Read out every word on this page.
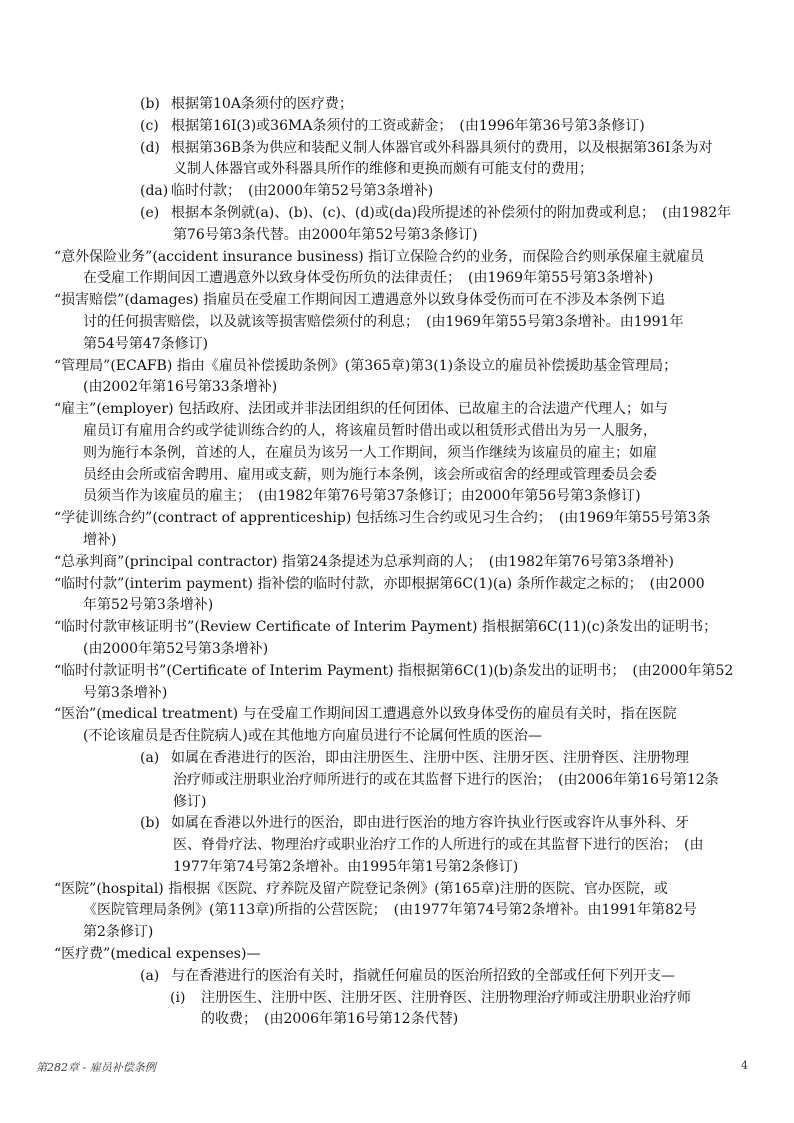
(b) 根据第10A条须付的医疗费；
(c) 根据第16I(3)或36MA条须付的工资或薪金；　(由1996年第36号第3条修订)
(d) 根据第36B条为供应和装配义制人体器官或外科器具须付的费用，以及根据第36I条为对
义制人体器官或外科器具所作的维修和更换而颇有可能支付的费用；
(da) 临时付款；　(由2000年第52号第3条增补)
(e) 根据本条例就(a)、(b)、(c)、(d)或(da)段所提述的补偿须付的附加费或利息；　(由1982年
第76号第3条代替。由2000年第52号第3条修订)
“意外保险业务”(accident insurance business) 指订立保险合约的业务，而保险合约则承保雇主就雇员
在受雇工作期间因工遭遇意外以致身体受伤所负的法律责任；　(由1969年第55号第3条增补)
“损害赔偿”(damages) 指雇员在受雇工作期间因工遭遇意外以致身体受伤而可在不涉及本条例下追
讨的任何损害赔偿，以及就该等损害赔偿须付的利息；　(由1969年第55号第3条增补。由1991年
第54号第47条修订)
“管理局”(ECAFB) 指由《雇员补偿援助条例》(第365章)第3(1)条设立的雇员补偿援助基金管理局；
(由2002年第16号第33条增补)
“雇主”(employer) 包括政府、法团或并非法团组织的任何团体、已故雇主的合法遗产代理人；如与
雇员订有雇用合约或学徒训练合约的人，将该雇员暂时借出或以租赁形式借出为另一人服务，
则为施行本条例，首述的人，在雇员为该另一人工作期间，须当作继续为该雇员的雇主；如雇
员经由会所或宿舍聘用、雇用或支薪，则为施行本条例，该会所或宿舍的经理或管理委员会委
员须当作为该雇员的雇主；　(由1982年第76号第37条修订；由2000年第56号第3条修订)
“学徒训练合约”(contract of apprenticeship) 包括练习生合约或见习生合约；　(由1969年第55号第3条
增补)
“总承判商”(principal contractor) 指第24条提述为总承判商的人；　(由1982年第76号第3条增补)
“临时付款”(interim payment) 指补偿的临时付款，亦即根据第6C(1)(a) 条所作裁定之标的；　(由2000
年第52号第3条增补)
“临时付款审核证明书”(Review Certificate of Interim Payment) 指根据第6C(11)(c)条发出的证明书；
(由2000年第52号第3条增补)
“临时付款证明书”(Certificate of Interim Payment) 指根据第6C(1)(b)条发出的证明书；　(由2000年第52
号第3条增补)
“医治”(medical treatment) 与在受雇工作期间因工遭遇意外以致身体受伤的雇员有关时，指在医院
(不论该雇员是否住院病人)或在其他地方向雇员进行不论属何性质的医治—
(a) 如属在香港进行的医治，即由注册医生、注册中医、注册牙医、注册脊医、注册物理
治疗师或注册职业治疗师所进行的或在其监督下进行的医治；　(由2006年第16号第12条
修订)
(b) 如属在香港以外进行的医治，即由进行医治的地方容许执业行医或容许从事外科、牙
医、脊骨疗法、物理治疗或职业治疗工作的人所进行的或在其监督下进行的医治；　(由
1977年第74号第2条增补。由1995年第1号第2条修订)
“医院”(hospital) 指根据《医院、疗养院及留产院登记条例》(第165章)注册的医院、官办医院，或
《医院管理局条例》(第113章)所指的公营医院；　(由1977年第74号第2条增补。由1991年第82号
第2条修订)
“医疗费”(medical expenses)—
(a) 与在香港进行的医治有关时，指就任何雇员的医治所招致的全部或任何下列开支—
(i) 注册医生、注册中医、注册牙医、注册脊医、注册物理治疗师或注册职业治疗师
的收费；　(由2006年第16号第12条代替)
第282章 - 雇员补偿条例	4
